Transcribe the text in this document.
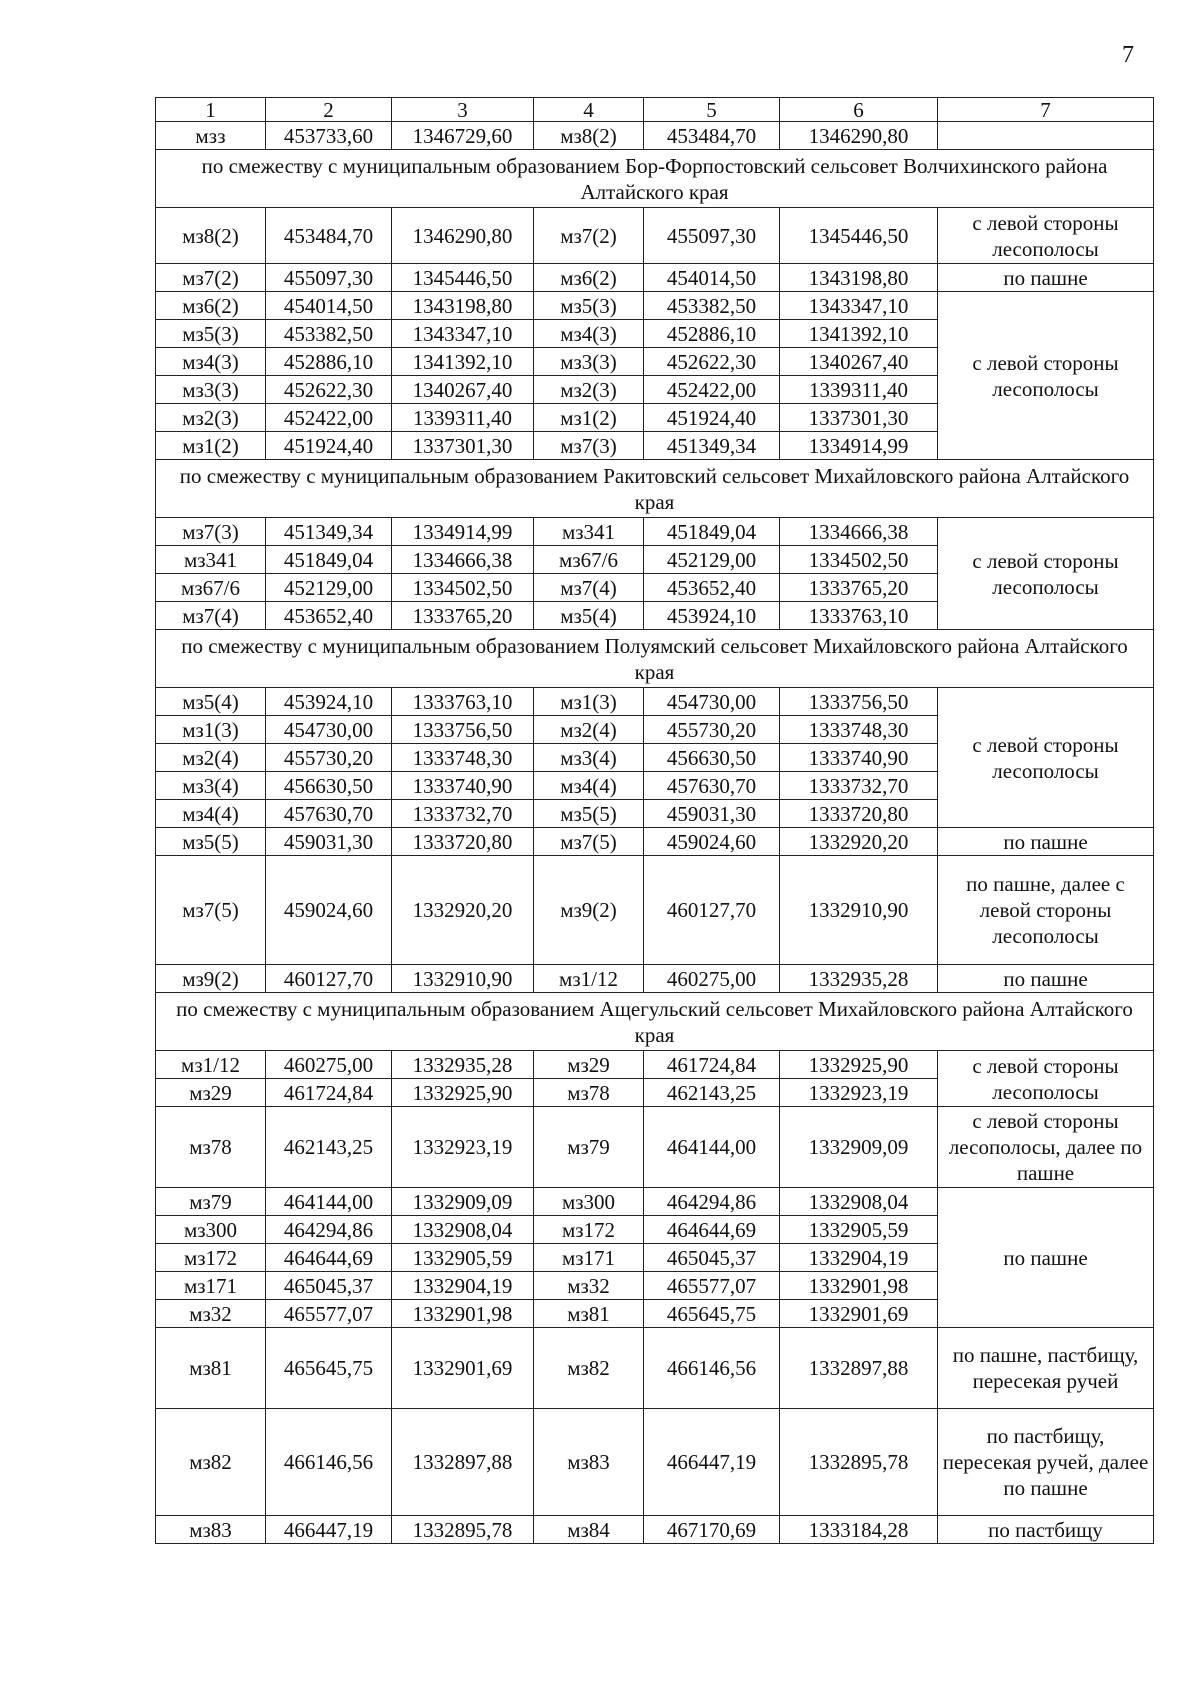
7
1	2	3	4	5	6	7
мзз	453733,60	1346729,60	мз8(2)	453484,70	1346290,80	
по смежеству с муниципальным образованием Бор-Форпостовский сельсовет Волчихинского района Алтайского края						
мз8(2)	453484,70	1346290,80	мз7(2)	455097,30	1345446,50	с левой стороны лесополосы
мз7(2)	455097,30	1345446,50	мз6(2)	454014,50	1343198,80	по пашне
мз6(2)	454014,50	1343198,80	мз5(3)	453382,50	1343347,10	с левой стороны лесополосы
мз5(3)	453382,50	1343347,10	мз4(3)	452886,10	1341392,10	
мз4(3)	452886,10	1341392,10	мз3(3)	452622,30	1340267,40	
мз3(3)	452622,30	1340267,40	мз2(3)	452422,00	1339311,40	
мз2(3)	452422,00	1339311,40	мз1(2)	451924,40	1337301,30	
мз1(2)	451924,40	1337301,30	мз7(3)	451349,34	1334914,99	
по смежеству с муниципальным образованием Ракитовский сельсовет Михайловского района Алтайского края						
мз7(3)	451349,34	1334914,99	мз341	451849,04	1334666,38	с левой стороны лесополосы
мз341	451849,04	1334666,38	мз67/6	452129,00	1334502,50	
мз67/6	452129,00	1334502,50	мз7(4)	453652,40	1333765,20	
мз7(4)	453652,40	1333765,20	мз5(4)	453924,10	1333763,10	
по смежеству с муниципальным образованием Полуямский сельсовет Михайловского района Алтайского края						
мз5(4)	453924,10	1333763,10	мз1(3)	454730,00	1333756,50	с левой стороны лесополосы
мз1(3)	454730,00	1333756,50	мз2(4)	455730,20	1333748,30	
мз2(4)	455730,20	1333748,30	мз3(4)	456630,50	1333740,90	
мз3(4)	456630,50	1333740,90	мз4(4)	457630,70	1333732,70	
мз4(4)	457630,70	1333732,70	мз5(5)	459031,30	1333720,80	
мз5(5)	459031,30	1333720,80	мз7(5)	459024,60	1332920,20	по пашне
мз7(5)	459024,60	1332920,20	мз9(2)	460127,70	1332910,90	по пашне, далее с левой стороны лесополосы
мз9(2)	460127,70	1332910,90	мз1/12	460275,00	1332935,28	по пашне
по смежеству с муниципальным образованием Ащегульский сельсовет Михайловского района Алтайского края						
мз1/12	460275,00	1332935,28	мз29	461724,84	1332925,90	с левой стороны лесополосы
мз29	461724,84	1332925,90	мз78	462143,25	1332923,19	
мз78	462143,25	1332923,19	мз79	464144,00	1332909,09	с левой стороны лесополосы, далее по пашне
мз79	464144,00	1332909,09	мз300	464294,86	1332908,04	по пашне
мз300	464294,86	1332908,04	мз172	464644,69	1332905,59	
мз172	464644,69	1332905,59	мз171	465045,37	1332904,19	
мз171	465045,37	1332904,19	мз32	465577,07	1332901,98	
мз32	465577,07	1332901,98	мз81	465645,75	1332901,69	
мз81	465645,75	1332901,69	мз82	466146,56	1332897,88	по пашне, пастбищу, пересекая ручей
мз82	466146,56	1332897,88	мз83	466447,19	1332895,78	по пастбищу, пересекая ручей, далее по пашне
мз83	466447,19	1332895,78	мз84	467170,69	1333184,28	по пастбищу
